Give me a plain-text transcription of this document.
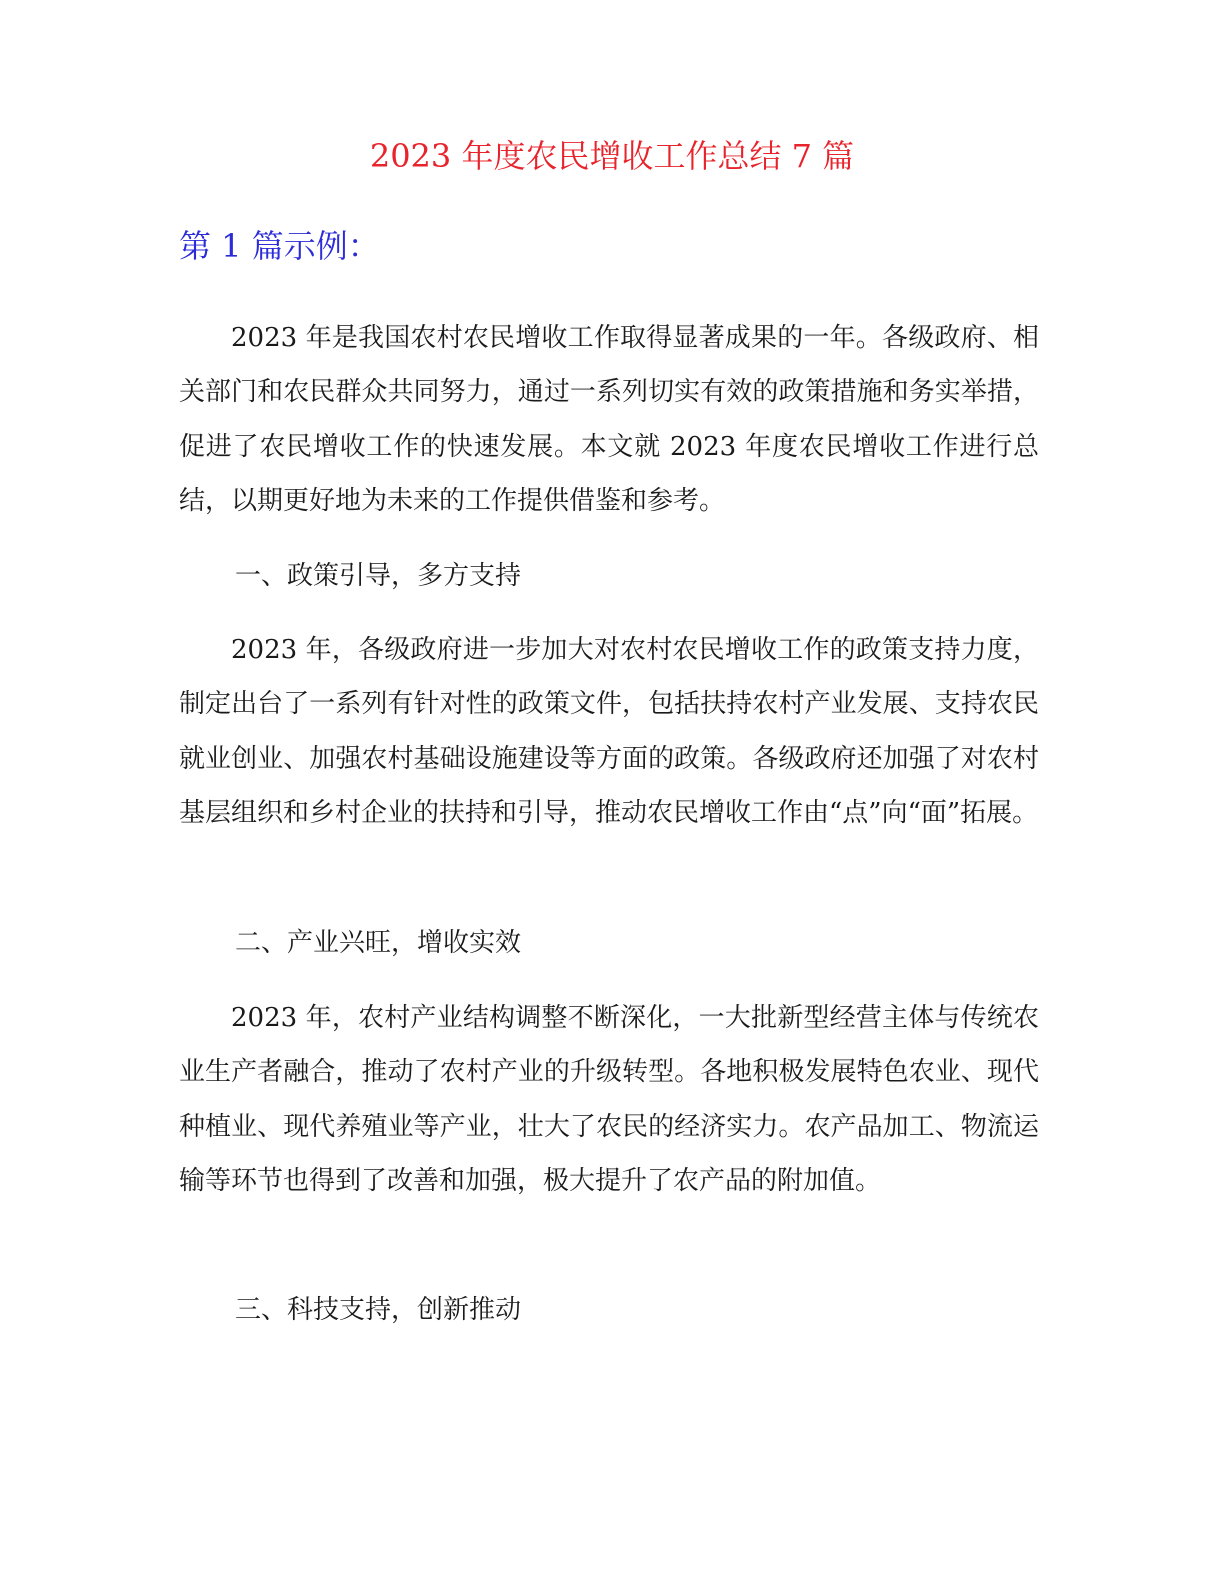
2023 年度农民增收工作总结 7 篇
第 1 篇示例：

2023 年是我国农村农民增收工作取得显著成果的一年。各级政府、相关部门和农民群众共同努力，通过一系列切实有效的政策措施和务实举措，促进了农民增收工作的快速发展。本文就 2023 年度农民增收工作进行总结，以期更好地为未来的工作提供借鉴和参考。

一、政策引导，多方支持

2023 年，各级政府进一步加大对农村农民增收工作的政策支持力度，制定出台了一系列有针对性的政策文件，包括扶持农村产业发展、支持农民就业创业、加强农村基础设施建设等方面的政策。各级政府还加强了对农村基层组织和乡村企业的扶持和引导，推动农民增收工作由“点”向“面”拓展。

二、产业兴旺，增收实效

2023 年，农村产业结构调整不断深化，一大批新型经营主体与传统农业生产者融合，推动了农村产业的升级转型。各地积极发展特色农业、现代种植业、现代养殖业等产业，壮大了农民的经济实力。农产品加工、物流运输等环节也得到了改善和加强，极大提升了农产品的附加值。

三、科技支持，创新推动
